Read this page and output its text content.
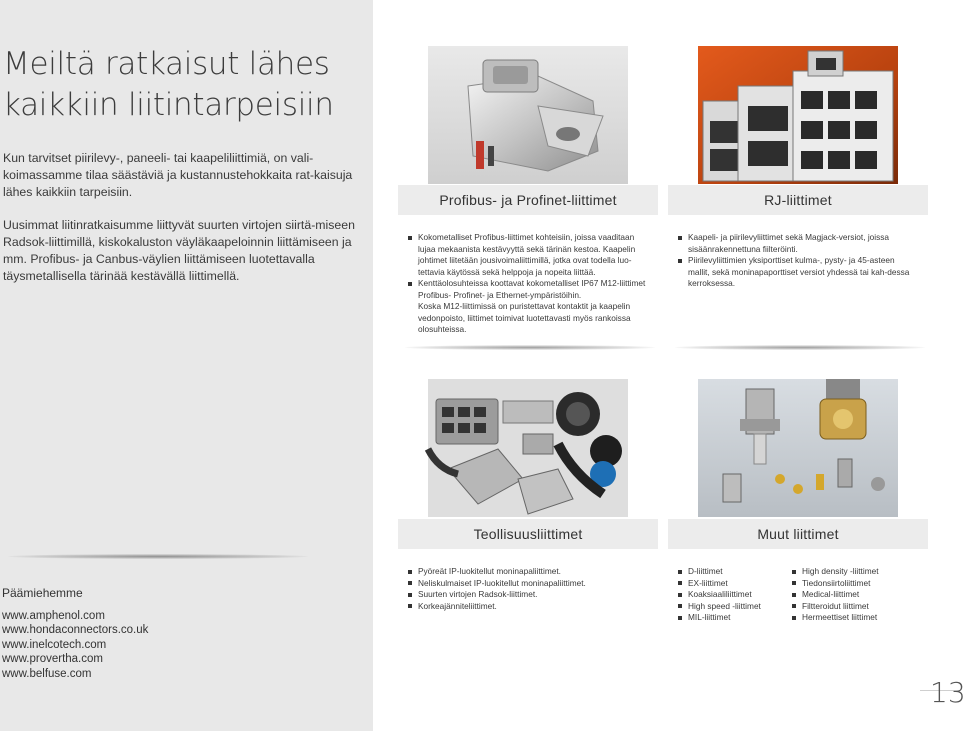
Meiltä ratkaisut lähes
kaikkiin liitintarpeisiin

Kun tarvitset piirilevy-, paneeli- tai kaapeliliittimiä, on vali-koimassamme tilaa säästäviä ja kustannustehokkaita rat-kaisuja lähes kaikkiin tarpeisiin.

Uusimmat liitinratkaisumme liittyvät suurten virtojen siirtä-miseen Radsok-liittimillä, kiskokaluston väyläkaapeloinnin liittämiseen ja mm. Profibus- ja Canbus-väylien liittämiseen luotettavalla täysmetallisella tärinää kestävällä liittimellä.

Päämiehemme
www.amphenol.com
www.hondaconnectors.co.uk
www.inelcotech.com
www.provertha.com
www.belfuse.com
Profibus- ja Profinet-liittimet	RJ-liittimet
Teollisuusliittimet	Muut liittimet
Kokometalliset Profibus-liittimet kohteisiin, joissa vaaditaan lujaa mekaanista kestävyyttä sekä tärinän kestoa. Kaapelin johtimet liitetään jousivoimaliittimillä, jotka ovat todella luo-tettavia käytössä sekä helppoja ja nopeita liittää.
Kenttäolosuhteissa koottavat kokometalliset IP67 M12-liittimet Profibus- Profinet- ja Ethernet-ympäristöihin.
Koska M12-liittimissä on puristettavat kontaktit ja kaapelin vedonpoisto, liittimet toimivat luotettavasti myös rankoissa olosuhteissa.
Kaapeli- ja piirilevyliittimet sekä Magjack-versiot, joissa sisäänrakennettuna fiilteröinti.
Piirilevyliittimien yksiporttiset kulma-, pysty- ja 45-asteen mallit, sekä moninapaporttiset versiot yhdessä tai kah-dessa kerroksessa.
Pyöreät IP-luokitellut moninapaliittimet.
Neliskulmaiset IP-luokitellut moninapaliittimet.
Suurten virtojen Radsok-liittimet.
Korkeajänniteliittimet.
D-liittimet
EX-liittimet
Koaksiaaliliittimet
High speed -liittimet
MIL-liittimet
High density -liittimet
Tiedonsiirtoliittimet
Medical-liittimet
Filtteroidut liittimet
Hermeettiset liittimet
13
